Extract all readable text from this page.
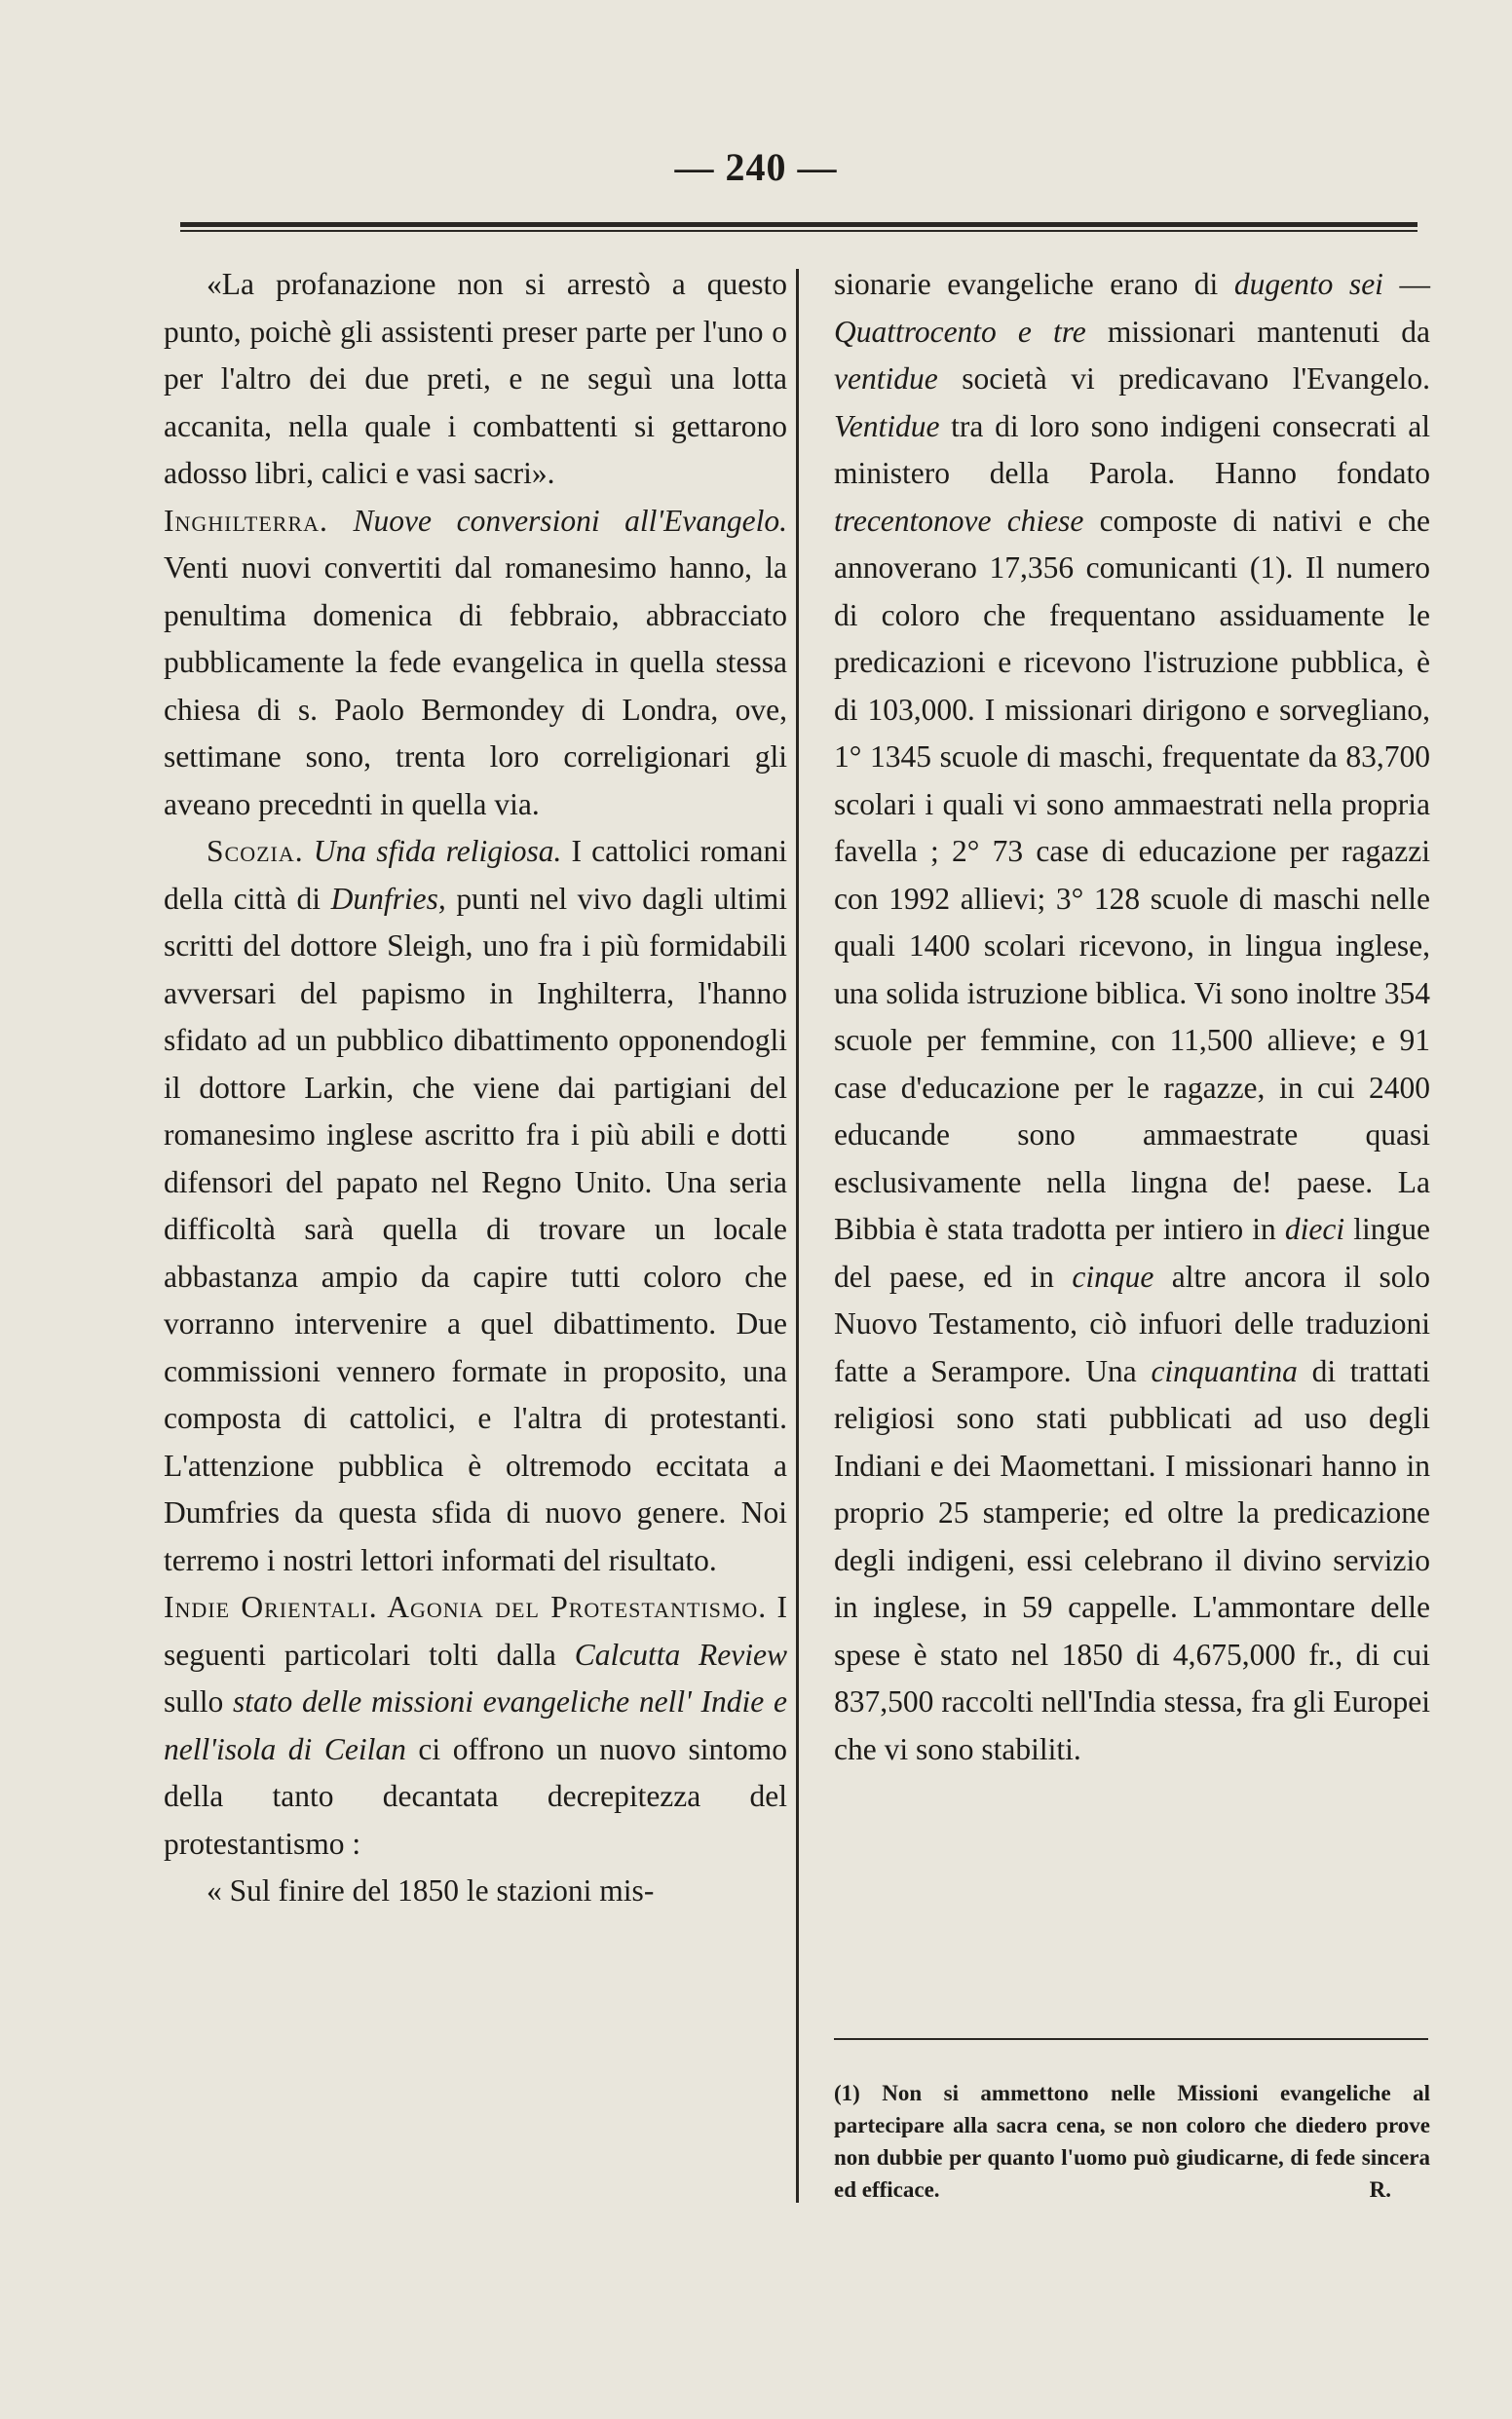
— 240 —

«La profanazione non si arrestò a questo punto, poichè gli assistenti preser parte per l'uno o per l'altro dei due preti, e ne seguì una lotta accanita, nella quale i combattenti si gettarono adosso libri, calici e vasi sacri».

Inghilterra. Nuove conversioni all'Evangelo. Venti nuovi convertiti dal romanesimo hanno, la penultima domenica di febbraio, abbracciato pubblicamente la fede evangelica in quella stessa chiesa di s. Paolo Bermondey di Londra, ove, settimane sono, trenta loro correligionari gli aveano precednti in quella via.

Scozia. Una sfida religiosa. I cattolici romani della città di Dunfries, punti nel vivo dagli ultimi scritti del dottore Sleigh, uno fra i più formidabili avversari del papismo in Inghilterra, l'hanno sfidato ad un pubblico dibattimento opponendogli il dottore Larkin, che viene dai partigiani del romanesimo inglese ascritto fra i più abili e dotti difensori del papato nel Regno Unito. Una seria difficoltà sarà quella di trovare un locale abbastanza ampio da capire tutti coloro che vorranno intervenire a quel dibattimento. Due commissioni vennero formate in proposito, una composta di cattolici, e l'altra di protestanti. L'attenzione pubblica è oltremodo eccitata a Dumfries da questa sfida di nuovo genere. Noi terremo i nostri lettori informati del risultato.

Indie Orientali. Agonia del Protestantismo. I seguenti particolari tolti dalla Calcutta Review sullo stato delle missioni evangeliche nell' Indie e nell'isola di Ceilan ci offrono un nuovo sintomo della tanto decantata decrepitezza del protestantismo :

« Sul finire del 1850 le stazioni mis-

sionarie evangeliche erano di dugento sei —Quattrocento e tre missionari mantenuti da ventidue società vi predicavano l'Evangelo. Ventidue tra di loro sono indigeni consecrati al ministero della Parola. Hanno fondato trecentonove chiese composte di nativi e che annoverano 17,356 comunicanti (1). Il numero di coloro che frequentano assiduamente le predicazioni e ricevono l'istruzione pubblica, è di 103,000. I missionari dirigono e sorvegliano, 1° 1345 scuole di maschi, frequentate da 83,700 scolari i quali vi sono ammaestrati nella propria favella ; 2° 73 case di educazione per ragazzi con 1992 allievi; 3° 128 scuole di maschi nelle quali 1400 scolari ricevono, in lingua inglese, una solida istruzione biblica. Vi sono inoltre 354 scuole per femmine, con 11,500 allieve; e 91 case d'educazione per le ragazze, in cui 2400 educande sono ammaestrate quasi esclusivamente nella lingna de! paese. La Bibbia è stata tradotta per intiero in dieci lingue del paese, ed in cinque altre ancora il solo Nuovo Testamento, ciò infuori delle traduzioni fatte a Serampore. Una cinquantina di trattati religiosi sono stati pubblicati ad uso degli Indiani e dei Maomettani. I missionari hanno in proprio 25 stamperie; ed oltre la predicazione degli indigeni, essi celebrano il divino servizio in inglese, in 59 cappelle. L'ammontare delle spese è stato nel 1850 di 4,675,000 fr., di cui 837,500 raccolti nell'India stessa, fra gli Europei che vi sono stabiliti.

(1) Non si ammettono nelle Missioni evangeliche al partecipare alla sacra cena, se non coloro che diedero prove non dubbie per quanto l'uomo può giudicarne, di fede sincera ed efficace.	R.
